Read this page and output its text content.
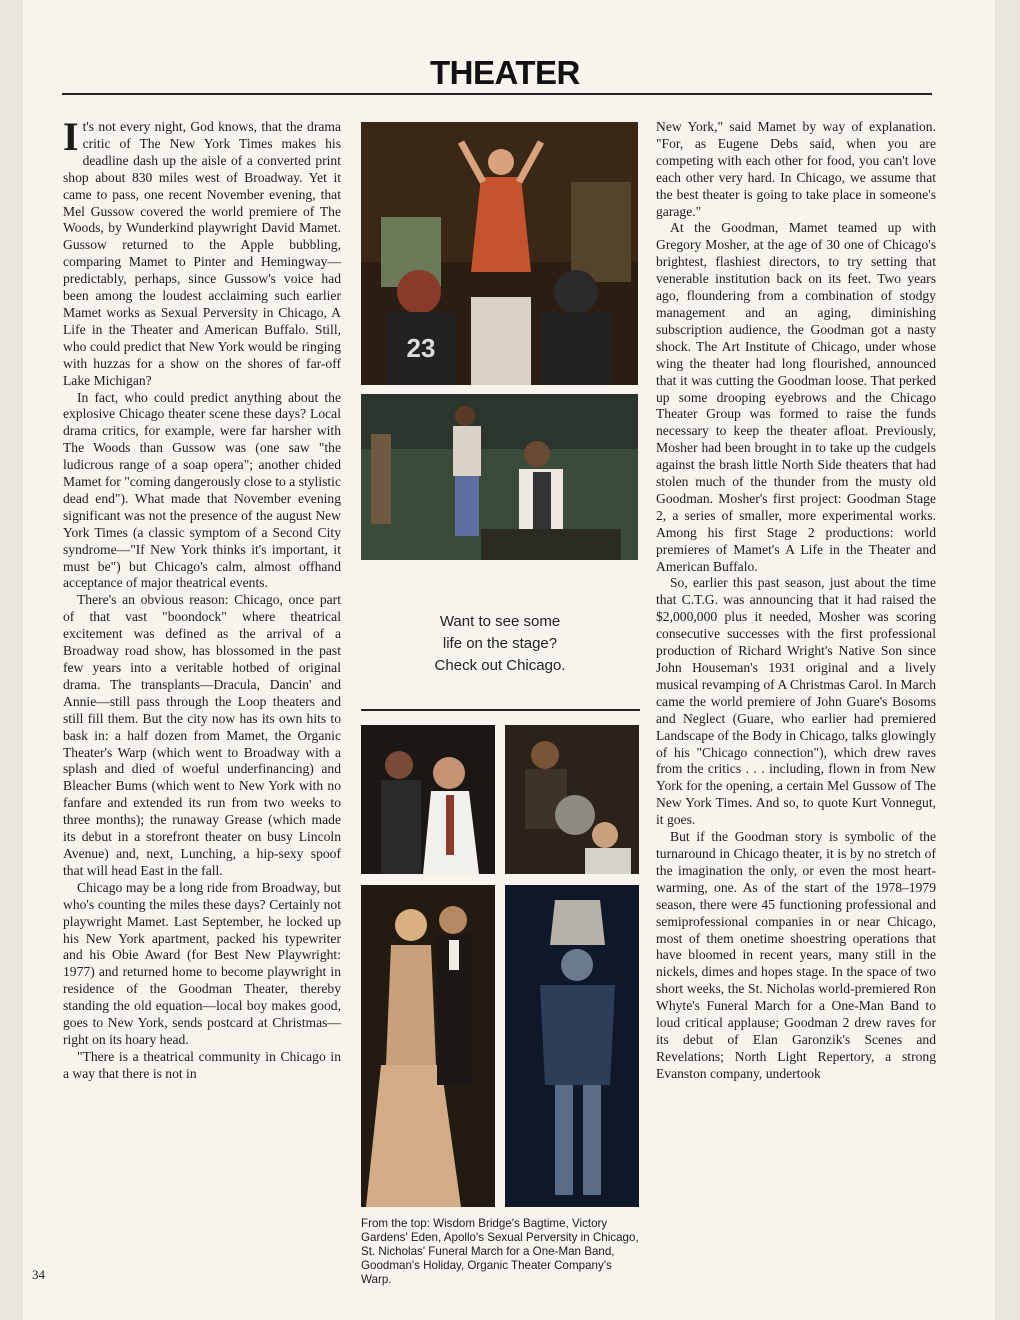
THEATER

It's not every night, God knows, that the drama critic of The New York Times makes his deadline dash up the aisle of a converted print shop about 830 miles west of Broadway. Yet it came to pass, one recent November evening, that Mel Gussow covered the world premiere of The Woods, by Wunderkind playwright David Mamet. Gussow returned to the Apple bubbling, comparing Mamet to Pinter and Hemingway—predictably, perhaps, since Gussow's voice had been among the loudest acclaiming such earlier Mamet works as Sexual Perversity in Chicago, A Life in the Theater and American Buffalo. Still, who could predict that New York would be ringing with huzzas for a show on the shores of far-off Lake Michigan?

In fact, who could predict anything about the explosive Chicago theater scene these days? Local drama critics, for example, were far harsher with The Woods than Gussow was (one saw "the ludicrous range of a soap opera"; another chided Mamet for "coming dangerously close to a stylistic dead end"). What made that November evening significant was not the presence of the august New York Times (a classic symptom of a Second City syndrome—"If New York thinks it's important, it must be") but Chicago's calm, almost offhand acceptance of major theatrical events.

There's an obvious reason: Chicago, once part of that vast "boondock" where theatrical excitement was defined as the arrival of a Broadway road show, has blossomed in the past few years into a veritable hotbed of original drama. The transplants—Dracula, Dancin' and Annie—still pass through the Loop theaters and still fill them. But the city now has its own hits to bask in: a half dozen from Mamet, the Organic Theater's Warp (which went to Broadway with a splash and died of woeful underfinancing) and Bleacher Bums (which went to New York with no fanfare and extended its run from two weeks to three months); the runaway Grease (which made its debut in a storefront theater on busy Lincoln Avenue) and, next, Lunching, a hip-sexy spoof that will head East in the fall.

Chicago may be a long ride from Broadway, but who's counting the miles these days? Certainly not playwright Mamet. Last September, he locked up his New York apartment, packed his typewriter and his Obie Award (for Best New Playwright: 1977) and returned home to become playwright in residence of the Goodman Theater, thereby standing the old equation—local boy makes good, goes to New York, sends postcard at Christmas—right on its hoary head.

"There is a theatrical community in Chicago in a way that there is not in

23
Want to see some
life on the stage?
Check out Chicago.
From the top: Wisdom Bridge's Bagtime, Victory Gardens' Eden, Apollo's Sexual Perversity in Chicago, St. Nicholas' Funeral March for a One-Man Band, Goodman's Holiday, Organic Theater Company's Warp.

New York," said Mamet by way of explanation. "For, as Eugene Debs said, when you are competing with each other for food, you can't love each other very hard. In Chicago, we assume that the best theater is going to take place in someone's garage."

At the Goodman, Mamet teamed up with Gregory Mosher, at the age of 30 one of Chicago's brightest, flashiest directors, to try setting that venerable institution back on its feet. Two years ago, floundering from a combination of stodgy management and an aging, diminishing subscription audience, the Goodman got a nasty shock. The Art Institute of Chicago, under whose wing the theater had long flourished, announced that it was cutting the Goodman loose. That perked up some drooping eyebrows and the Chicago Theater Group was formed to raise the funds necessary to keep the theater afloat. Previously, Mosher had been brought in to take up the cudgels against the brash little North Side theaters that had stolen much of the thunder from the musty old Goodman. Mosher's first project: Goodman Stage 2, a series of smaller, more experimental works. Among his first Stage 2 productions: world premieres of Mamet's A Life in the Theater and American Buffalo.

So, earlier this past season, just about the time that C.T.G. was announcing that it had raised the $2,000,000 plus it needed, Mosher was scoring consecutive successes with the first professional production of Richard Wright's Native Son since John Houseman's 1931 original and a lively musical revamping of A Christmas Carol. In March came the world premiere of John Guare's Bosoms and Neglect (Guare, who earlier had premiered Landscape of the Body in Chicago, talks glowingly of his "Chicago connection"), which drew raves from the critics . . . including, flown in from New York for the opening, a certain Mel Gussow of The New York Times. And so, to quote Kurt Vonnegut, it goes.

But if the Goodman story is symbolic of the turnaround in Chicago theater, it is by no stretch of the imagination the only, or even the most heart-warming, one. As of the start of the 1978–1979 season, there were 45 functioning professional and semiprofessional companies in or near Chicago, most of them onetime shoestring operations that have bloomed in recent years, many still in the nickels, dimes and hopes stage. In the space of two short weeks, the St. Nicholas world-premiered Ron Whyte's Funeral March for a One-Man Band to loud critical applause; Goodman 2 drew raves for its debut of Elan Garonzik's Scenes and Revelations; North Light Repertory, a strong Evanston company, undertook

34
